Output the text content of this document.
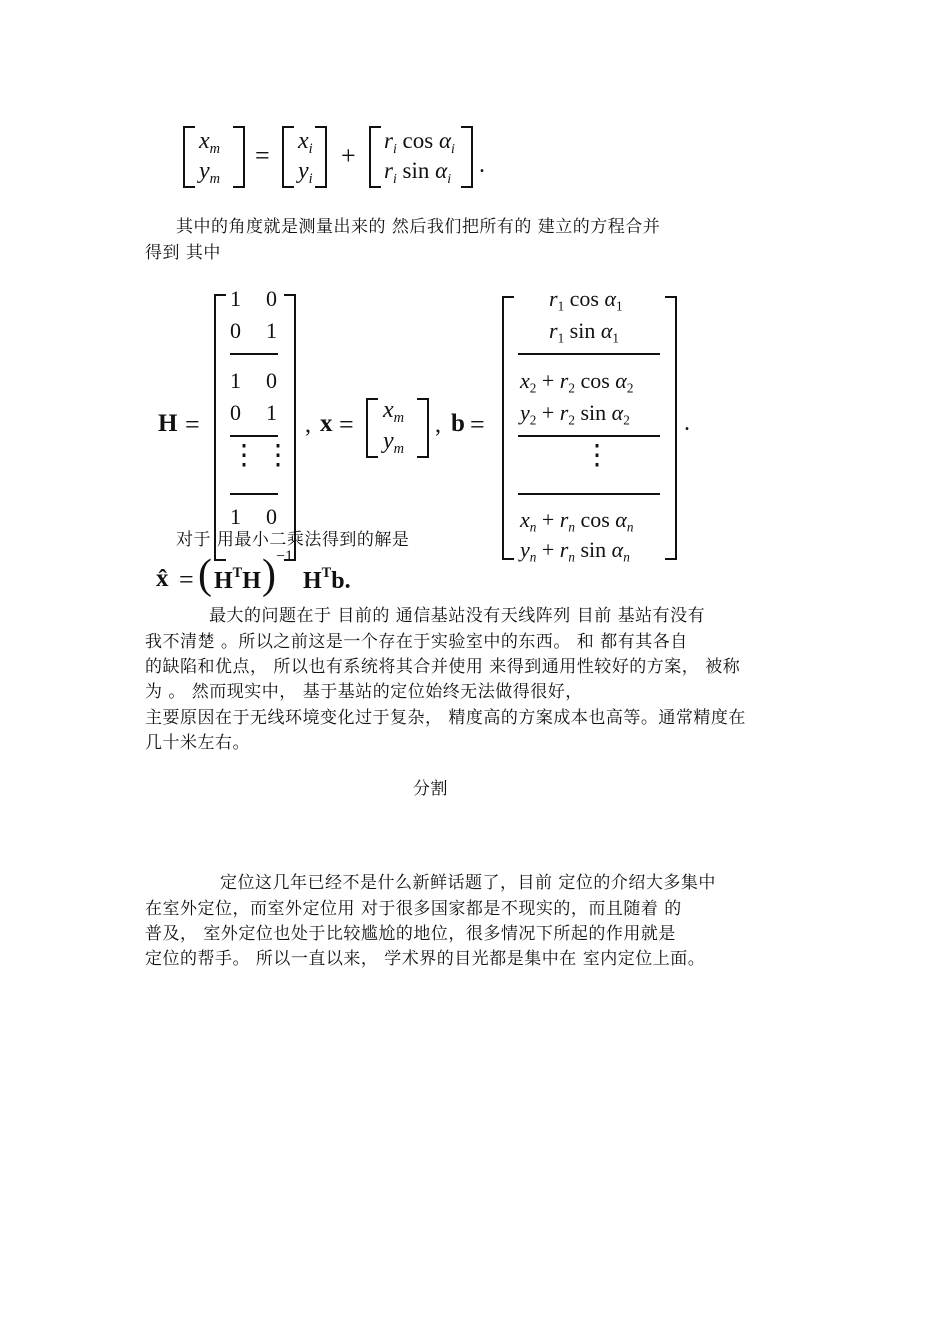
$x_m$
$y_m$
= $x_i$
$y_i$
+
$r_i$ $\cos \alpha_i$
$r_i$ $\sin \alpha_i$
.
其中的角度就是测量出来的 然后我们把所有的 建立的方程合并
得到 其中
H =
1 0
0 1
1 0
0 1
⋮ ⋮
1 0
, $x = x_m$
$y_m$
, b =
$r_1$ $\cos \alpha_1$
$r_1$ $\sin \alpha_1$
$x_2 + r_2$ $\cos \alpha_2$
$y_2 + r_2$ $\sin \alpha_2$
⋮
$x_n + r_n$ $\cos \alpha_n$
$y_n + r_n$ $\sin \alpha_n$
.
对于 用最小二乘法得到的解是
x̂ = ( $H^TH$ ) −1
$H^Tb$.
最大的问题在于 目前的 通信基站没有天线阵列 目前 基站有没有
我不清楚 。所以之前这是一个存在于实验室中的东西。 和 都有其各自
的缺陷和优点， 所以也有系统将其合并使用 来得到通用性较好的方案， 被称
为 。 然而现实中， 基于基站的定位始终无法做得很好，
主要原因在于无线环境变化过于复杂， 精度高的方案成本也高等。通常精度在
几十米左右。
分割
定位这几年已经不是什么新鲜话题了，目前 定位的介绍大多集中
在室外定位，而室外定位用 对于很多国家都是不现实的，而且随着 的
普及， 室外定位也处于比较尴尬的地位，很多情况下所起的作用就是
定位的帮手。 所以一直以来， 学术界的目光都是集中在 室内定位上面。
